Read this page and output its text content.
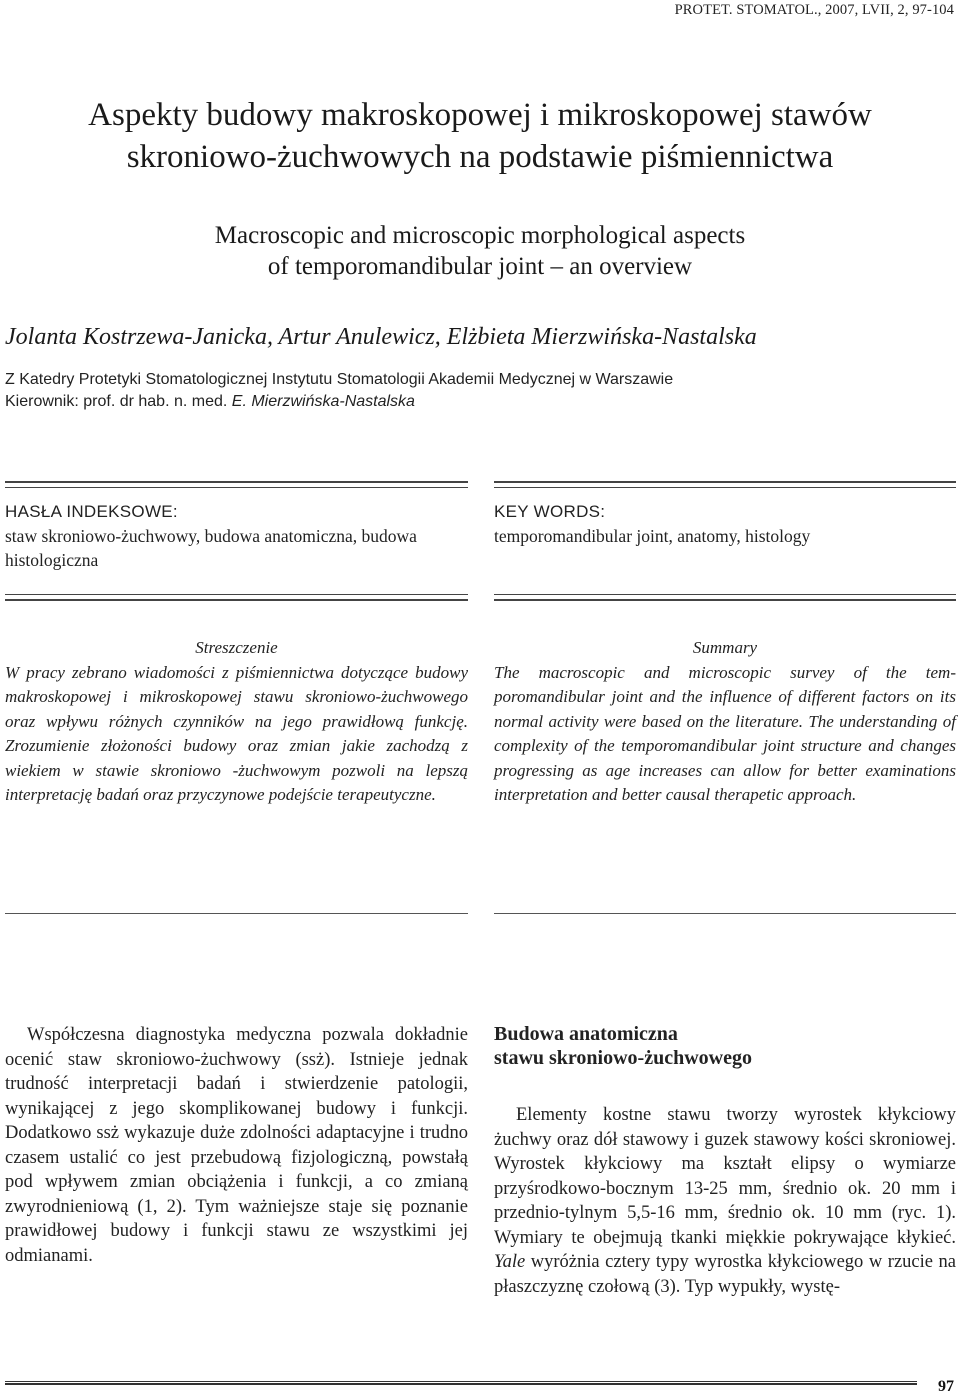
PROTET. STOMATOL., 2007, LVII, 2, 97-104
Aspekty budowy makroskopowej i mikroskopowej stawów
skroniowo-żuchwowych na podstawie piśmiennictwa
Macroscopic and microscopic morphological aspects
of temporomandibular joint – an overview
Jolanta Kostrzewa-Janicka, Artur Anulewicz, Elżbieta Mierzwińska-Nastalska
Z Katedry Protetyki Stomatologicznej Instytutu Stomatologii Akademii Medycznej w Warszawie
Kierownik: prof. dr hab. n. med. E. Mierzwińska-Nastalska
HASŁA INDEKSOWE:
staw skroniowo-żuchwowy, budowa anatomiczna, budowa histologiczna
KEY WORDS:
temporomandibular joint, anatomy, histology
Streszczenie
W pracy zebrano wiadomości z piśmiennictwa dotyczące budowy makroskopowej i mikroskopowej stawu skroniowo-żuchwowego oraz wpływu różnych czynników na jego prawidłową funkcję. Zrozumienie złożoności budowy oraz zmian jakie zachodzą z wiekiem w stawie skroniowo -żuchwowym pozwoli na lepszą interpretację badań oraz przyczynowe podejście terapeutyczne.
Summary
The macroscopic and microscopic survey of the temporomandibular joint and the influence of different factors on its normal activity were based on the literature. The understanding of complexity of the temporomandibular joint structure and changes progressing as age increases can allow for better examinations interpretation and better causal therapetic approach.
Współczesna diagnostyka medyczna pozwala dokładnie ocenić staw skroniowo-żuchwowy (ssż). Istnieje jednak trudność interpretacji badań i stwierdzenie patologii, wynikającej z jego skomplikowanej budowy i funkcji. Dodatkowo ssż wykazuje duże zdolności adaptacyjne i trudno czasem ustalić co jest przebudową fizjologiczną, powstałą pod wpływem zmian obciążenia i funkcji, a co zmianą zwyrodnieniową (1, 2). Tym ważniejsze staje się poznanie prawidłowej budowy i funkcji stawu ze wszystkimi jej odmianami.
Budowa anatomiczna
stawu skroniowo-żuchwowego
Elementy kostne stawu tworzy wyrostek kłykciowy żuchwy oraz dół stawowy i guzek stawowy kości skroniowej. Wyrostek kłykciowy ma kształt elipsy o wymiarze przyśrodkowo-bocznym 13-25 mm, średnio ok. 20 mm i przednio-tylnym 5,5-16 mm, średnio ok. 10 mm (ryc. 1). Wymiary te obejmują tkanki miękkie pokrywające kłykieć. Yale wyróżnia cztery typy wyrostka kłykciowego w rzucie na płaszczyznę czołową (3). Typ wypukły, wystę-
97
